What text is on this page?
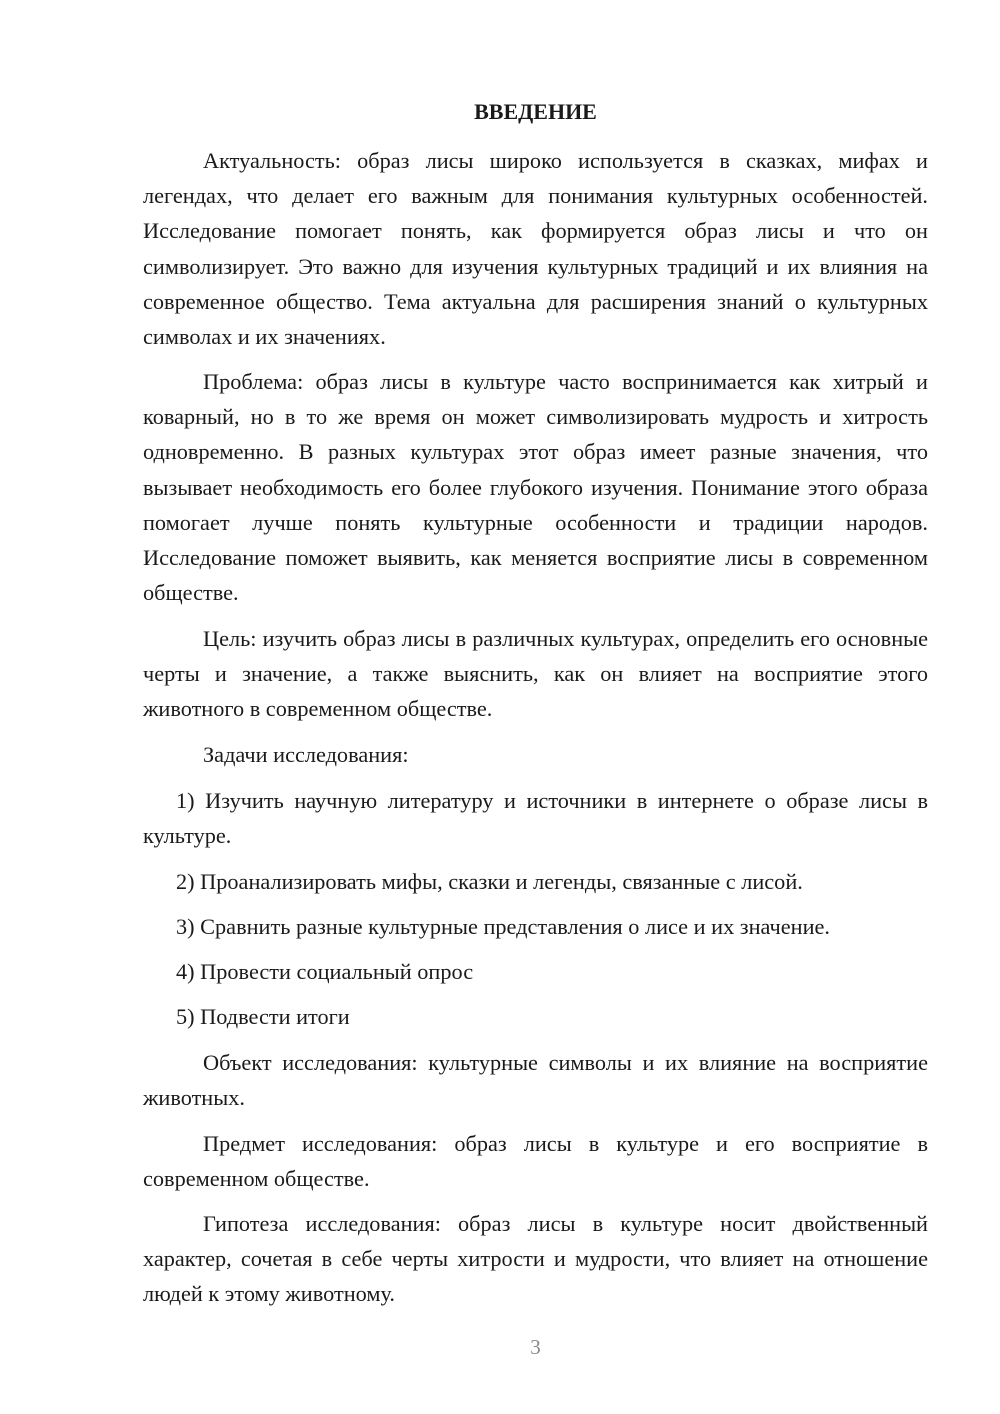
ВВЕДЕНИЕ

Актуальность: образ лисы широко используется в сказках, мифах и легендах, что делает его важным для понимания культурных особенностей. Исследование помогает понять, как формируется образ лисы и что он символизирует. Это важно для изучения культурных традиций и их влияния на современное общество. Тема актуальна для расширения знаний о культурных символах и их значениях.

Проблема: образ лисы в культуре часто воспринимается как хитрый и коварный, но в то же время он может символизировать мудрость и хитрость одновременно. В разных культурах этот образ имеет разные значения, что вызывает необходимость его более глубокого изучения. Понимание этого образа помогает лучше понять культурные особенности и традиции народов. Исследование поможет выявить, как меняется восприятие лисы в современном обществе.

Цель: изучить образ лисы в различных культурах, определить его основные черты и значение, а также выяснить, как он влияет на восприятие этого животного в современном обществе.

Задачи исследования:

1) Изучить научную литературу и источники в интернете о образе лисы в культуре.

2) Проанализировать мифы, сказки и легенды, связанные с лисой.

3) Сравнить разные культурные представления о лисе и их значение.

4) Провести социальный опрос

5) Подвести итоги

Объект исследования: культурные символы и их влияние на восприятие животных.

Предмет исследования: образ лисы в культуре и его восприятие в современном обществе.

Гипотеза исследования: образ лисы в культуре носит двойственный характер, сочетая в себе черты хитрости и мудрости, что влияет на отношение людей к этому животному.

3
